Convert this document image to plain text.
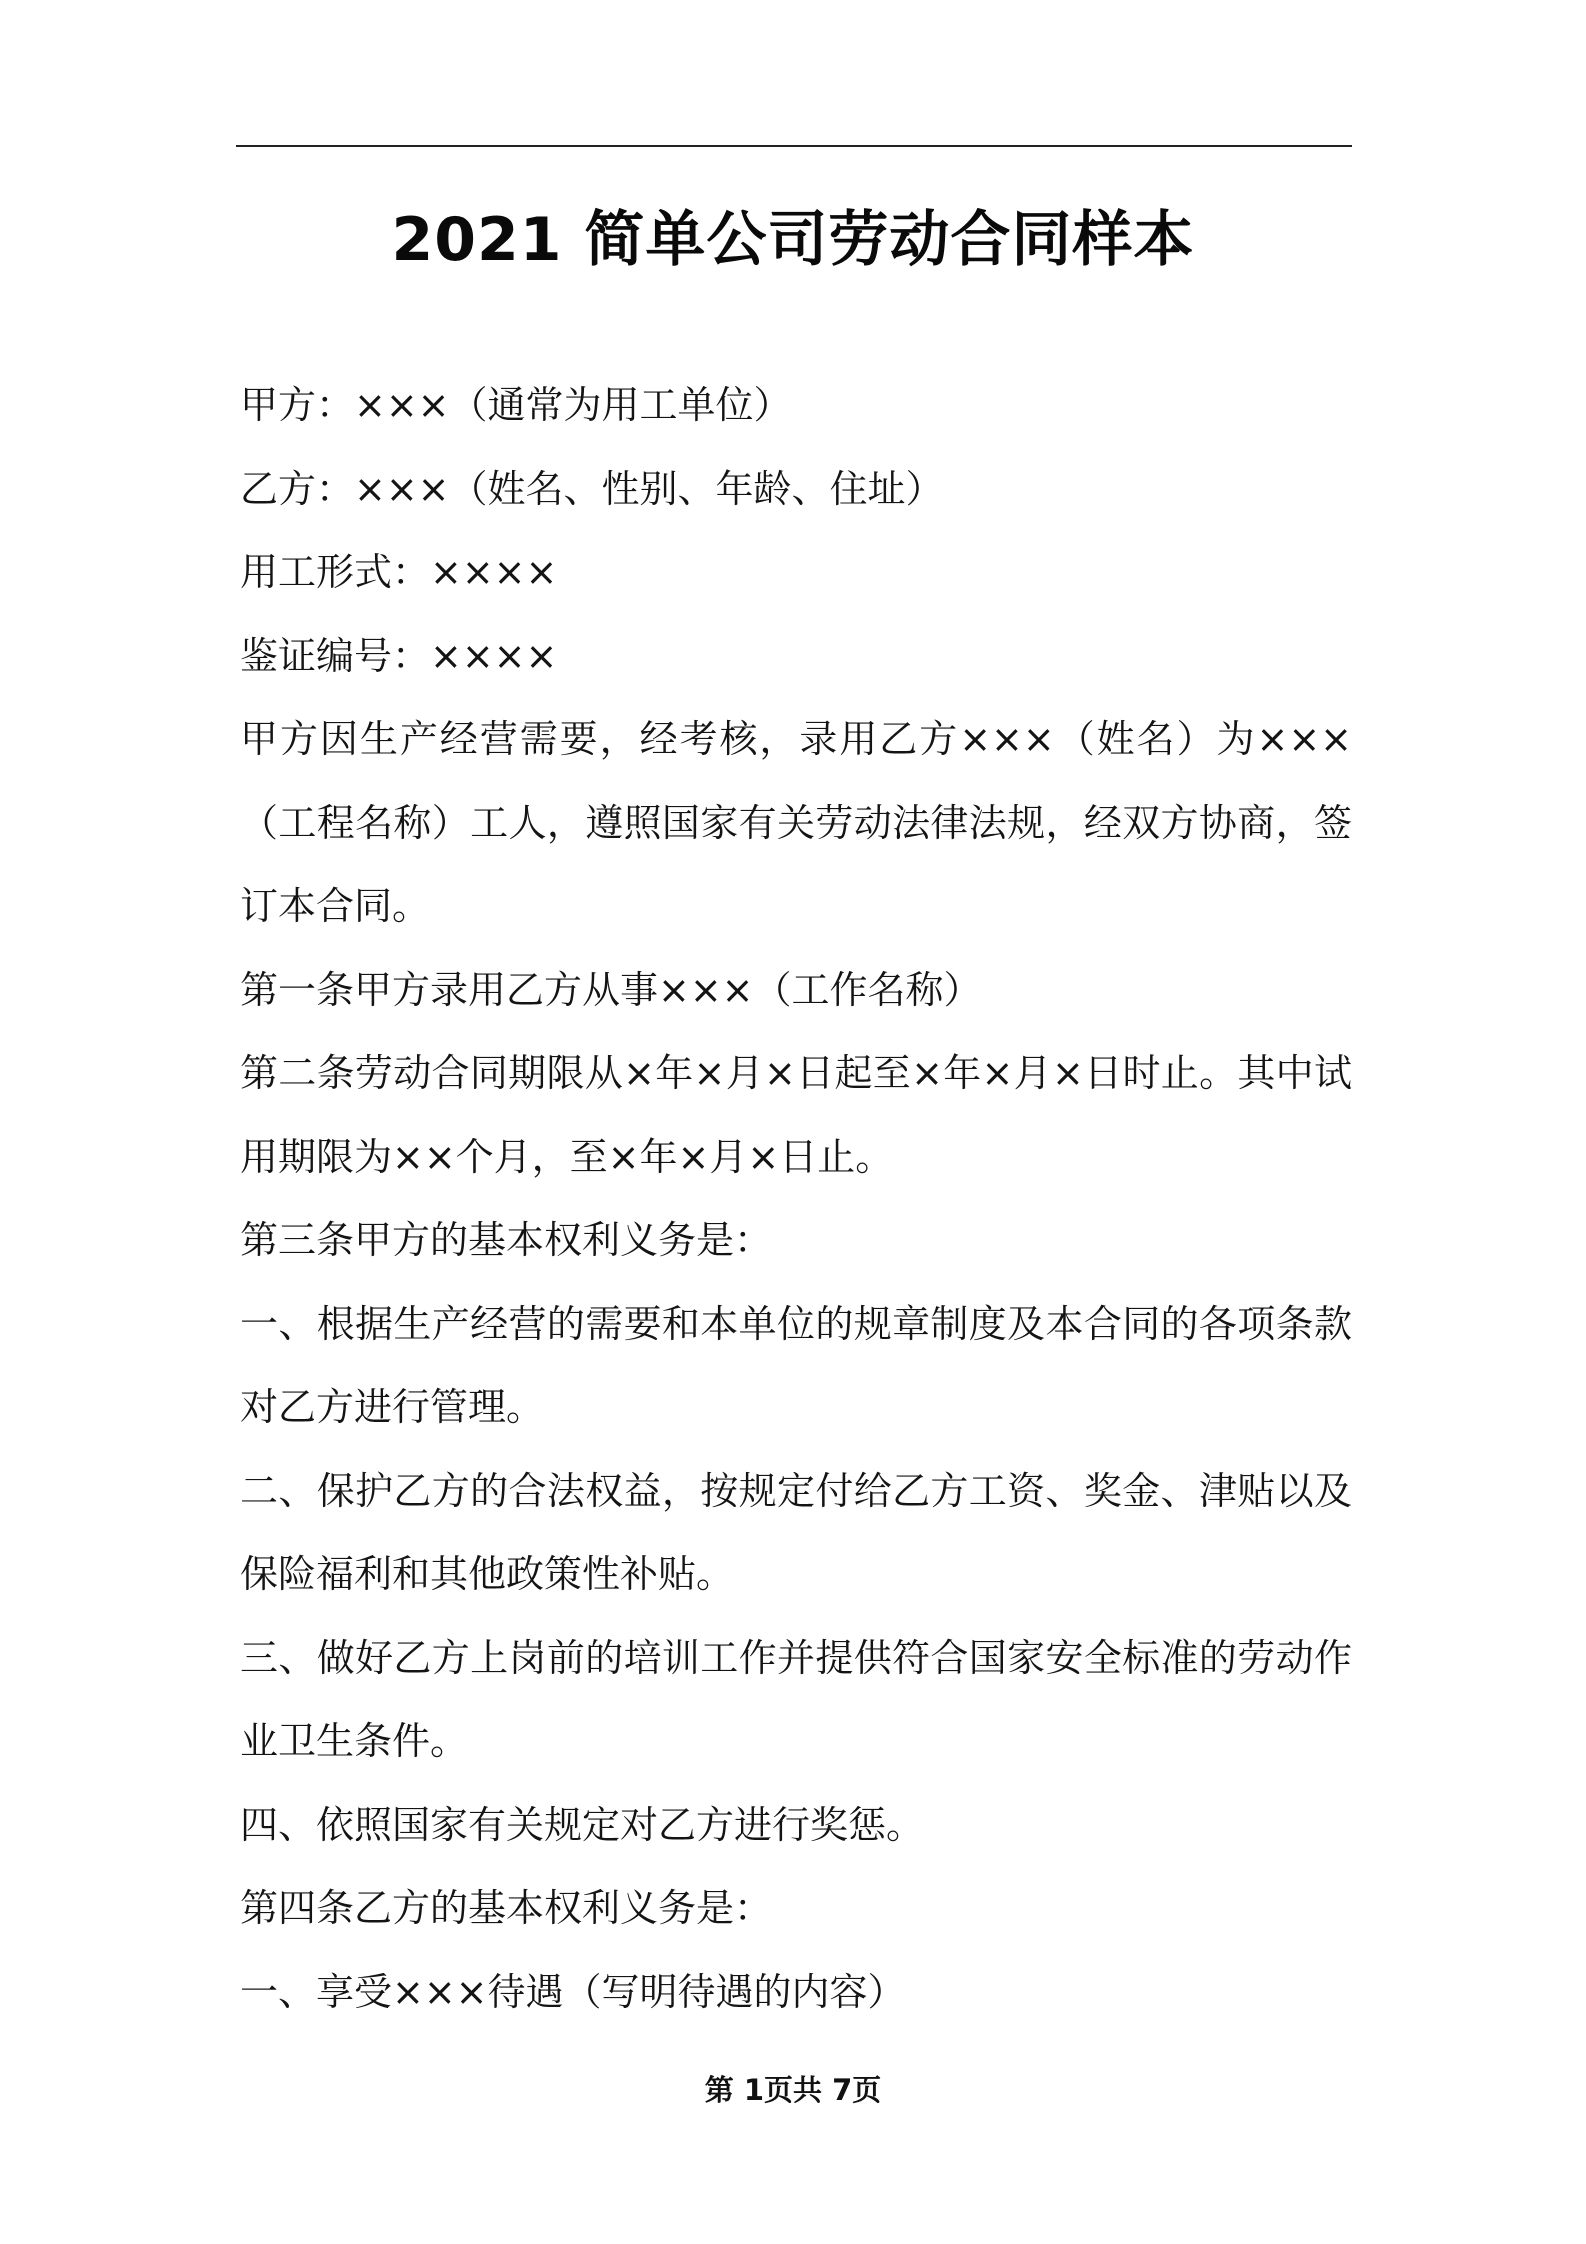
2021 简单公司劳动合同样本

甲方：×××（通常为用工单位）

乙方：×××（姓名、性别、年龄、住址）

用工形式：××××

鉴证编号：××××

甲方因生产经营需要，经考核，录用乙方×××（姓名）为×××（工程名称）工人，遵照国家有关劳动法律法规，经双方协商，签订本合同。

第一条甲方录用乙方从事×××（工作名称）

第二条劳动合同期限从×年×月×日起至×年×月×日时止。其中试用期限为××个月，至×年×月×日止。

第三条甲方的基本权利义务是：

一、根据生产经营的需要和本单位的规章制度及本合同的各项条款对乙方进行管理。

二、保护乙方的合法权益，按规定付给乙方工资、奖金、津贴以及保险福利和其他政策性补贴。

三、做好乙方上岗前的培训工作并提供符合国家安全标准的劳动作业卫生条件。

四、依照国家有关规定对乙方进行奖惩。

第四条乙方的基本权利义务是：

一、享受×××待遇（写明待遇的内容）

第 1页共 7页
